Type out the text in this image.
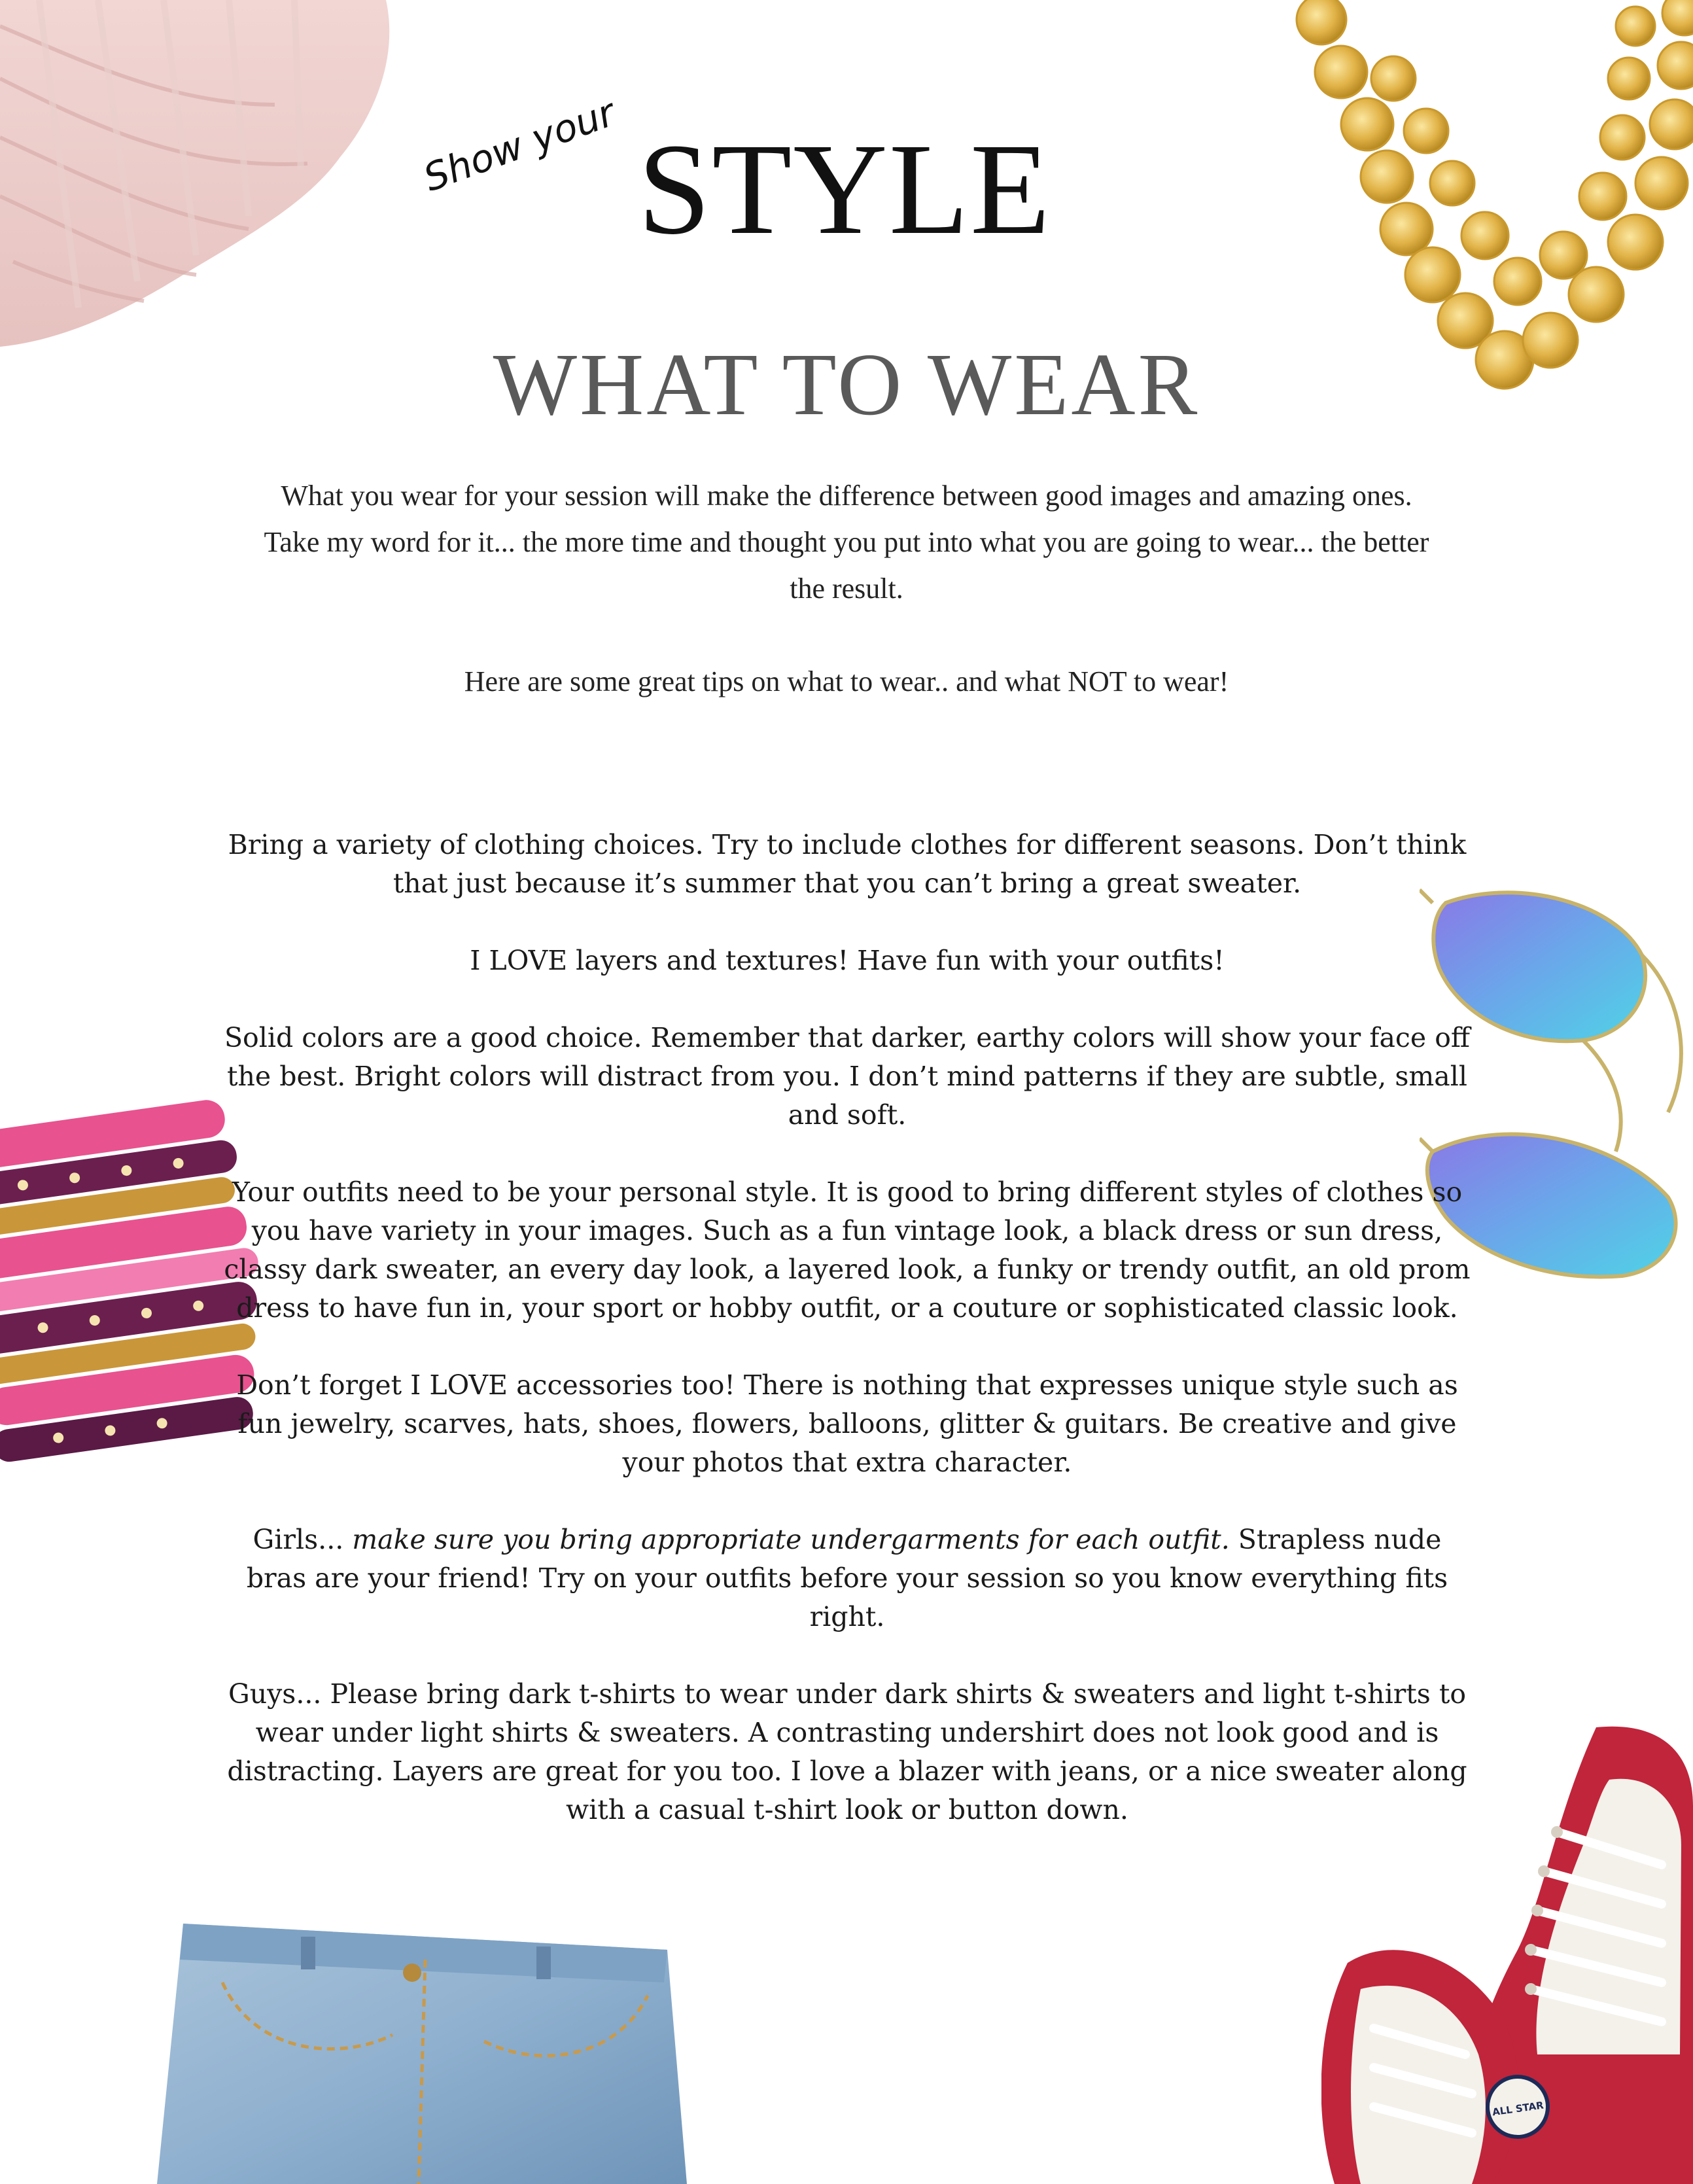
ALL STAR
Show your STYLE
WHAT TO WEAR

What you wear for your session will make the difference between good images and amazing ones. Take my word for it... the more time and thought you put into what you are going to wear... the better the result.

Here are some great tips on what to wear.. and what NOT to wear!

Bring a variety of clothing choices. Try to include clothes for different seasons. Don’t think that just because it’s summer that you can’t bring a great sweater.

I LOVE layers and textures! Have fun with your outfits!

Solid colors are a good choice. Remember that darker, earthy colors will show your face off the best. Bright colors will distract from you. I don’t mind patterns if they are subtle, small and soft.

Your outfits need to be your personal style. It is good to bring different styles of clothes so you have variety in your images. Such as a fun vintage look, a black dress or sun dress, classy dark sweater, an every day look, a layered look, a funky or trendy outfit, an old prom dress to have fun in, your sport or hobby outfit, or a couture or sophisticated classic look.

Don’t forget I LOVE accessories too! There is nothing that expresses unique style such as fun jewelry, scarves, hats, shoes, flowers, balloons, glitter & guitars. Be creative and give your photos that extra character.

Girls... make sure you bring appropriate undergarments for each outfit. Strapless nude bras are your friend! Try on your outfits before your session so you know everything fits right.

Guys... Please bring dark t-shirts to wear under dark shirts & sweaters and light t-shirts to wear under light shirts & sweaters. A contrasting undershirt does not look good and is distracting. Layers are great for you too. I love a blazer with jeans, or a nice sweater along with a casual t-shirt look or button down.
